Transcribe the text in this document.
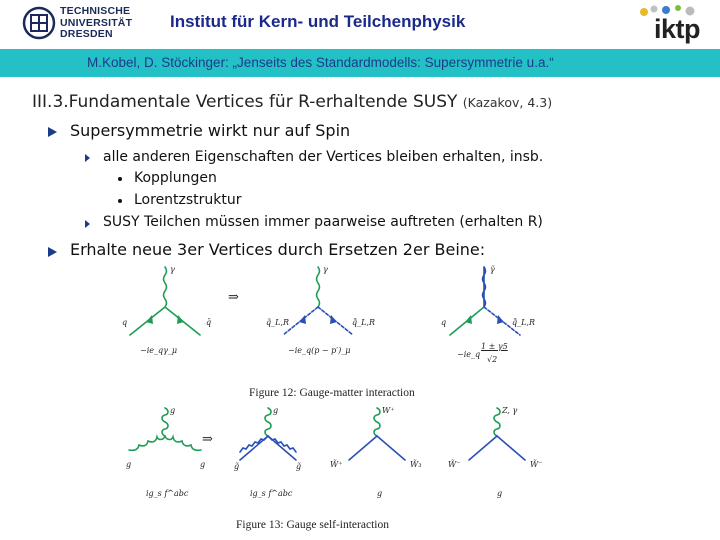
TECHNISCHE
UNIVERSITÄT
DRESDEN
Institut für Kern- und Teilchenphysik	iktp
M.Kobel, D. Stöckinger: „Jenseits des Standardmodells: Supersymmetrie u.a.“
III.3.Fundamentale Vertices für R-erhaltende SUSY (Kazakov, 4.3)
Supersymmetrie wirkt nur auf Spin
alle anderen Eigenschaften der Vertices bleiben erhalten, insb.
Kopplungen
Lorentzstruktur
SUSY Teilchen müssen immer paarweise auftreten (erhalten R)
Erhalte neue 3er Vertices durch Ersetzen 2er Beine:
γ
q	q̄
−ie_qγ_μ
⇒
γ
q̃_L,R	q̃̄_L,R
−ie_q(p − p′)_μ
γ̃
q	q̃̄_L,R
−ie_q
1 ± γ5
√2
Figure 12: Gauge-matter interaction
g
g	g
ig_s f^abc
⇒
g
g̃	g̃
ig_s f^abc
W⁺
W̃⁺	W̃₃
g
Z, γ
W̃⁻	W̃⁻
g
Figure 13: Gauge self-interaction
